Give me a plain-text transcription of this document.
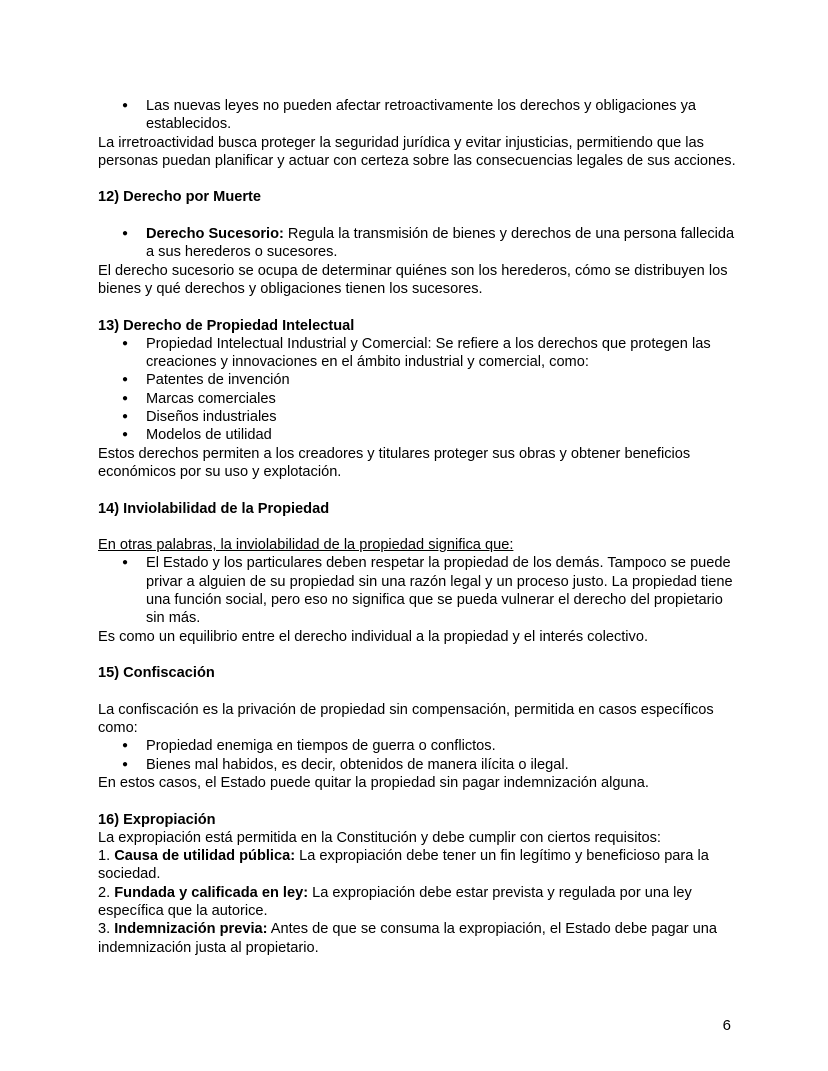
● Las nuevas leyes no pueden afectar retroactivamente los derechos y obligaciones ya establecidos.

La irretroactividad busca proteger la seguridad jurídica y evitar injusticias, permitiendo que las personas puedan planificar y actuar con certeza sobre las consecuencias legales de sus acciones.

12) Derecho por Muerte
● Derecho Sucesorio: Regula la transmisión de bienes y derechos de una persona fallecida a sus herederos o sucesores.

El derecho sucesorio se ocupa de determinar quiénes son los herederos, cómo se distribuyen los bienes y qué derechos y obligaciones tienen los sucesores.

13) Derecho de Propiedad Intelectual
● Propiedad Intelectual Industrial y Comercial: Se refiere a los derechos que protegen las creaciones y innovaciones en el ámbito industrial y comercial, como:
● Patentes de invención
● Marcas comerciales
● Diseños industriales
● Modelos de utilidad

Estos derechos permiten a los creadores y titulares proteger sus obras y obtener beneficios económicos por su uso y explotación.

14) Inviolabilidad de la Propiedad

En otras palabras, la inviolabilidad de la propiedad significa que:

● El Estado y los particulares deben respetar la propiedad de los demás. Tampoco se puede privar a alguien de su propiedad sin una razón legal y un proceso justo. La propiedad tiene una función social, pero eso no significa que se pueda vulnerar el derecho del propietario sin más.

Es como un equilibrio entre el derecho individual a la propiedad y el interés colectivo.

15) Confiscación

La confiscación es la privación de propiedad sin compensación, permitida en casos específicos como:

● Propiedad enemiga en tiempos de guerra o conflictos.
● Bienes mal habidos, es decir, obtenidos de manera ilícita o ilegal.

En estos casos, el Estado puede quitar la propiedad sin pagar indemnización alguna.

16) Expropiación

La expropiación está permitida en la Constitución y debe cumplir con ciertos requisitos:

1. Causa de utilidad pública: La expropiación debe tener un fin legítimo y beneficioso para la sociedad.

2. Fundada y calificada en ley: La expropiación debe estar prevista y regulada por una ley específica que la autorice.

3. Indemnización previa: Antes de que se consuma la expropiación, el Estado debe pagar una indemnización justa al propietario.

6
